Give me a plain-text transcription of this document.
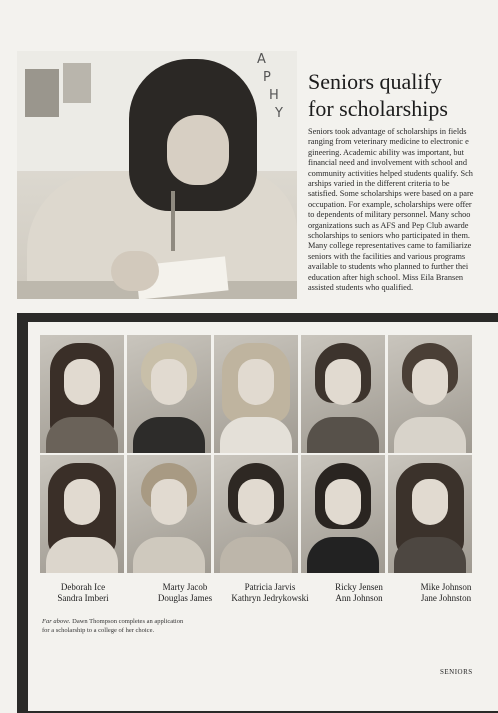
A
P
H
Y
Seniors qualify
for scholarships
Seniors took advantage of scholarships in fields
ranging from veterinary medicine to electronic e
gineering. Academic ability was important, but
financial need and involvement with school and
community activities helped students qualify. Sch
arships varied in the different criteria to be
satisfied. Some scholarships were based on a pare
occupation. For example, scholarships were offer
to dependents of military personnel. Many schoo
organizations such as AFS and Pep Club awarde
scholarships to seniors who participated in them.
Many college representatives came to familiarize
seniors with the facilities and various programs
available to students who planned to further thei
education after high school. Miss Eila Bransen
assisted students who qualified.
Deborah Ice
Sandra Imberi
Marty Jacob
Douglas James
Patricia Jarvis
Kathryn Jedrykowski
Ricky Jensen
Ann Johnson
Mike Johnson
Jane Johnston
Far above. Dawn Thompson completes an application
for a scholarship to a college of her choice.
SENIORS
